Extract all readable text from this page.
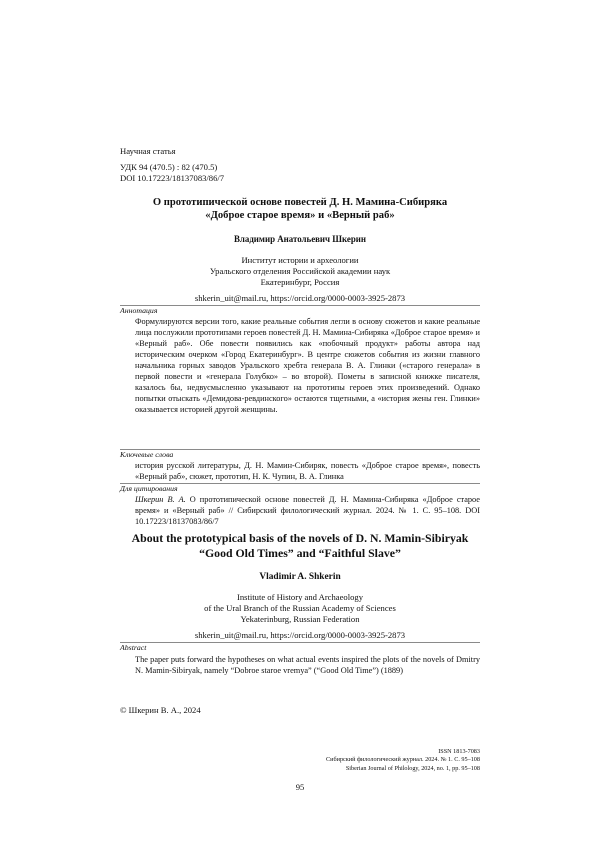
Научная статья
УДК 94 (470.5) : 82 (470.5)
DOI 10.17223/18137083/86/7
О прототипической основе повестей Д. Н. Мамина-Сибиряка
«Доброе старое время» и «Верный раб»
Владимир Анатольевич Шкерин
Институт истории и археологии
Уральского отделения Российской академии наук
Екатеринбург, Россия
shkerin_uit@mail.ru, https://orcid.org/0000-0003-3925-2873
Аннотация
Формулируются версии того, какие реальные события легли в основу сюжетов и какие реальные лица послужили прототипами героев повестей Д. Н. Мамина-Сибиряка «Доброе старое время» и «Верный раб». Обе повести появились как «побочный продукт» работы автора над историческим очерком «Город Екатеринбург». В центре сюжетов события из жизни главного начальника горных заводов Уральского хребта генерала В. А. Глинки («старого генерала» в первой повести и «генерала Голубко» – во второй). Пометы в записной книжке писателя, казалось бы, недвусмысленно указывают на прототипы героев этих произведений. Однако попытки отыскать «Демидова-ревдинского» остаются тщетными, а «история жены ген. Глинки» оказывается историей другой женщины.
Ключевые слова
история русской литературы, Д. Н. Мамин-Сибиряк, повесть «Доброе старое время», повесть «Верный раб», сюжет, прототип, Н. К. Чупин, В. А. Глинка
Для цитирования
Шкерин В. А. О прототипической основе повестей Д. Н. Мамина-Сибиряка «Доброе старое время» и «Верный раб» // Сибирский филологический журнал. 2024. № 1. С. 95–108. DOI 10.17223/18137083/86/7
About the prototypical basis of the novels of D. N. Mamin-Sibiryak
“Good Old Times” and “Faithful Slave”
Vladimir A. Shkerin
Institute of History and Archaeology
of the Ural Branch of the Russian Academy of Sciences
Yekaterinburg, Russian Federation
shkerin_uit@mail.ru, https://orcid.org/0000-0003-3925-2873
Abstract
The paper puts forward the hypotheses on what actual events inspired the plots of the novels of Dmitry N. Mamin-Sibiryak, namely “Dobroe staroe vremya” (“Good Old Time”) (1889)
© Шкерин В. А., 2024
ISSN 1813-7083
Сибирский филологический журнал. 2024. № 1. С. 95–108
Siberian Journal of Philology, 2024, no. 1, pp. 95–108
95
